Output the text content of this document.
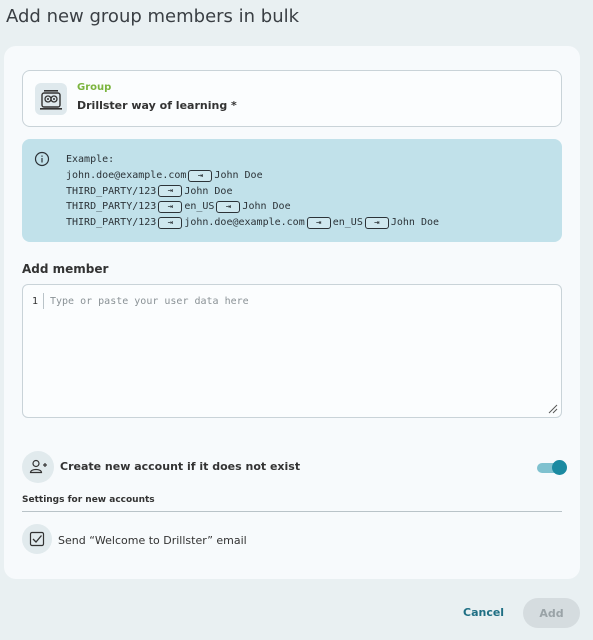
Add new group members in bulk
Group
Drillster way of learning *
Example:
john.doe@example.com	⇥	John Doe
THIRD_PARTY/123	⇥	John Doe
THIRD_PARTY/123	⇥	en_US	⇥	John Doe
THIRD_PARTY/123	⇥	john.doe@example.com	⇥	en_US	⇥	John Doe
Add member
1 Type or paste your user data here
Create new account if it does not exist
Settings for new accounts
Send “Welcome to Drillster” email
Cancel	Add
